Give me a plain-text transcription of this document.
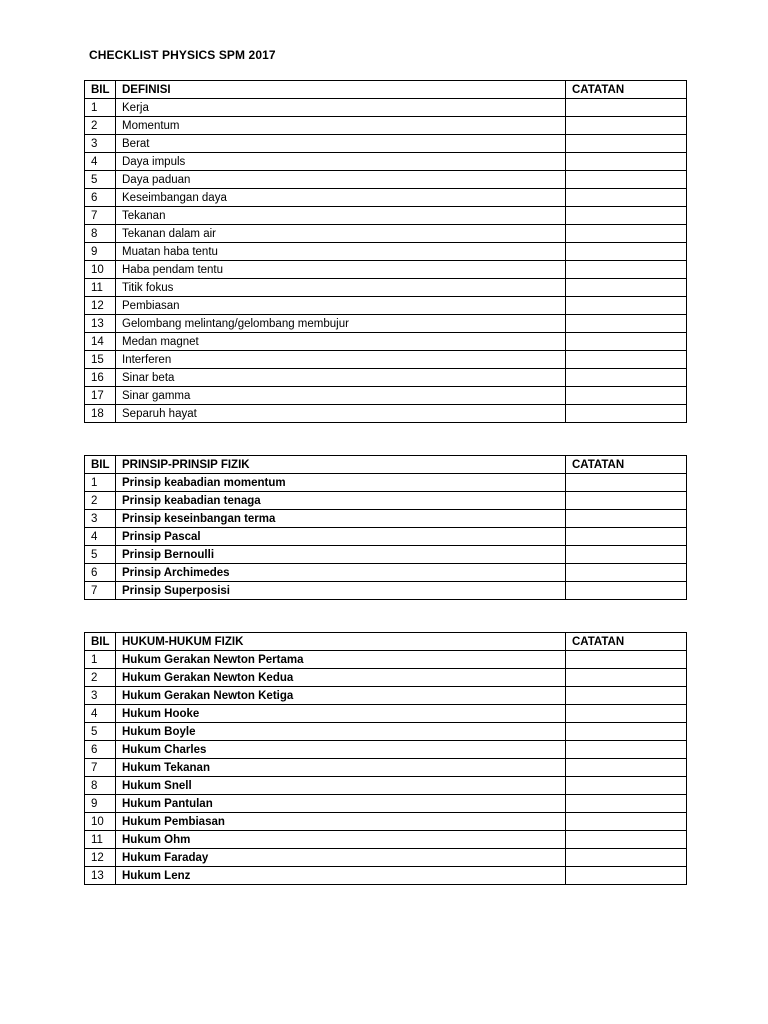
CHECKLIST PHYSICS SPM 2017
BIL	DEFINISI	CATATAN
1	Kerja	
2	Momentum	
3	Berat	
4	Daya impuls	
5	Daya paduan	
6	Keseimbangan daya	
7	Tekanan	
8	Tekanan dalam air	
9	Muatan haba tentu	
10	Haba pendam tentu	
11	Titik fokus	
12	Pembiasan	
13	Gelombang melintang/gelombang membujur	
14	Medan magnet	
15	Interferen	
16	Sinar beta	
17	Sinar gamma	
18	Separuh hayat	
BIL	PRINSIP-PRINSIP FIZIK	CATATAN
1	Prinsip keabadian momentum	
2	Prinsip keabadian tenaga	
3	Prinsip keseinbangan terma	
4	Prinsip Pascal	
5	Prinsip Bernoulli	
6	Prinsip Archimedes	
7	Prinsip Superposisi	
BIL	HUKUM-HUKUM FIZIK	CATATAN
1	Hukum Gerakan Newton Pertama	
2	Hukum Gerakan Newton Kedua	
3	Hukum Gerakan Newton Ketiga	
4	Hukum Hooke	
5	Hukum Boyle	
6	Hukum Charles	
7	Hukum Tekanan	
8	Hukum Snell	
9	Hukum Pantulan	
10	Hukum Pembiasan	
11	Hukum Ohm	
12	Hukum Faraday	
13	Hukum Lenz	
